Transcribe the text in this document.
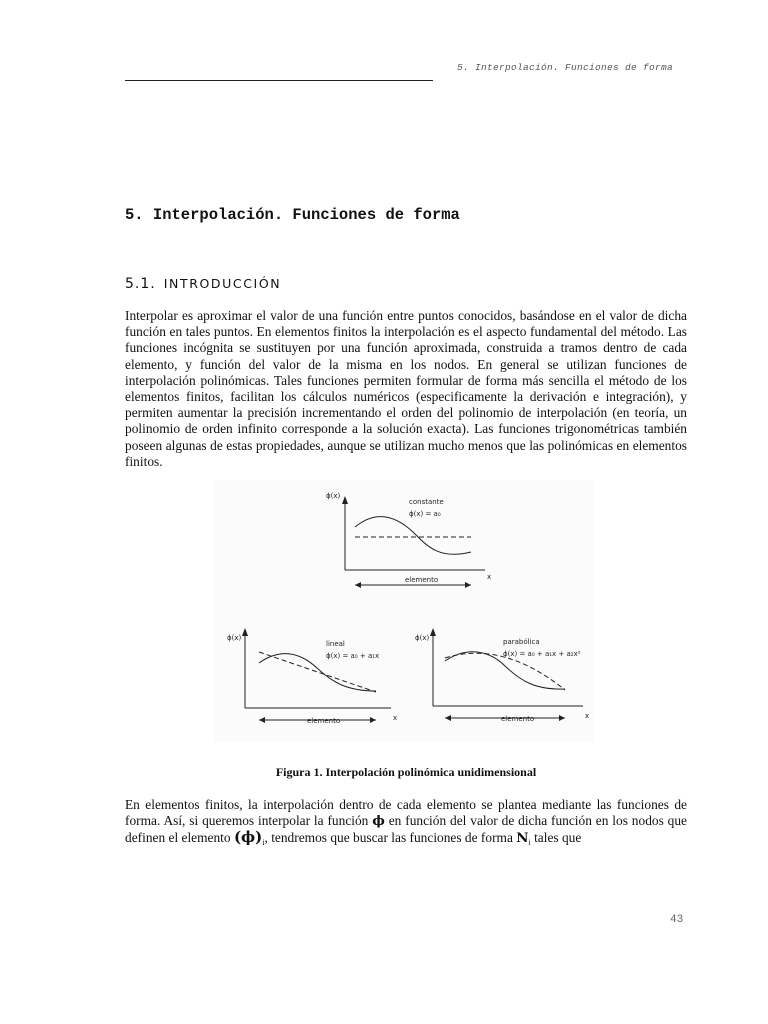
5. Interpolación. Funciones de forma
5. Interpolación. Funciones de forma
5.1. INTRODUCCIÓN
Interpolar es aproximar el valor de una función entre puntos conocidos, basándose en el valor de dicha función en tales puntos. En elementos finitos la interpolación es el aspecto fundamental del método. Las funciones incógnita se sustituyen por una función aproximada, construida a tramos dentro de cada elemento, y función del valor de la misma en los nodos. En general se utilizan funciones de interpolación polinómicas. Tales funciones permiten formular de forma más sencilla el método de los elementos finitos, facilitan los cálculos numéricos (especificamente la derivación e integración), y permiten aumentar la precisión incrementando el orden del polinomio de interpolación (en teoría, un polinomio de orden infinito corresponde a la solución exacta). Las funciones trigonométricas también poseen algunas de estas propiedades, aunque se utilizan mucho menos que las polinómicas en elementos finitos.
ϕ(x)
constante
ϕ(x) = a₀
elemento	x
ϕ(x)
lineal
ϕ(x) = a₀ + a₁x
elemento	x
ϕ(x)	parabólica
ϕ(x) = a₀ + a₁x + a₂x²
elemento	x
Figura 1. Interpolación polinómica unidimensional
En elementos finitos, la interpolación dentro de cada elemento se plantea mediante las funciones de forma. Así, si queremos interpolar la función ϕ en función del valor de dicha función en los nodos que definen el elemento $(\phi)_i$, tendremos que buscar las funciones de forma $N_i$ tales que
43
